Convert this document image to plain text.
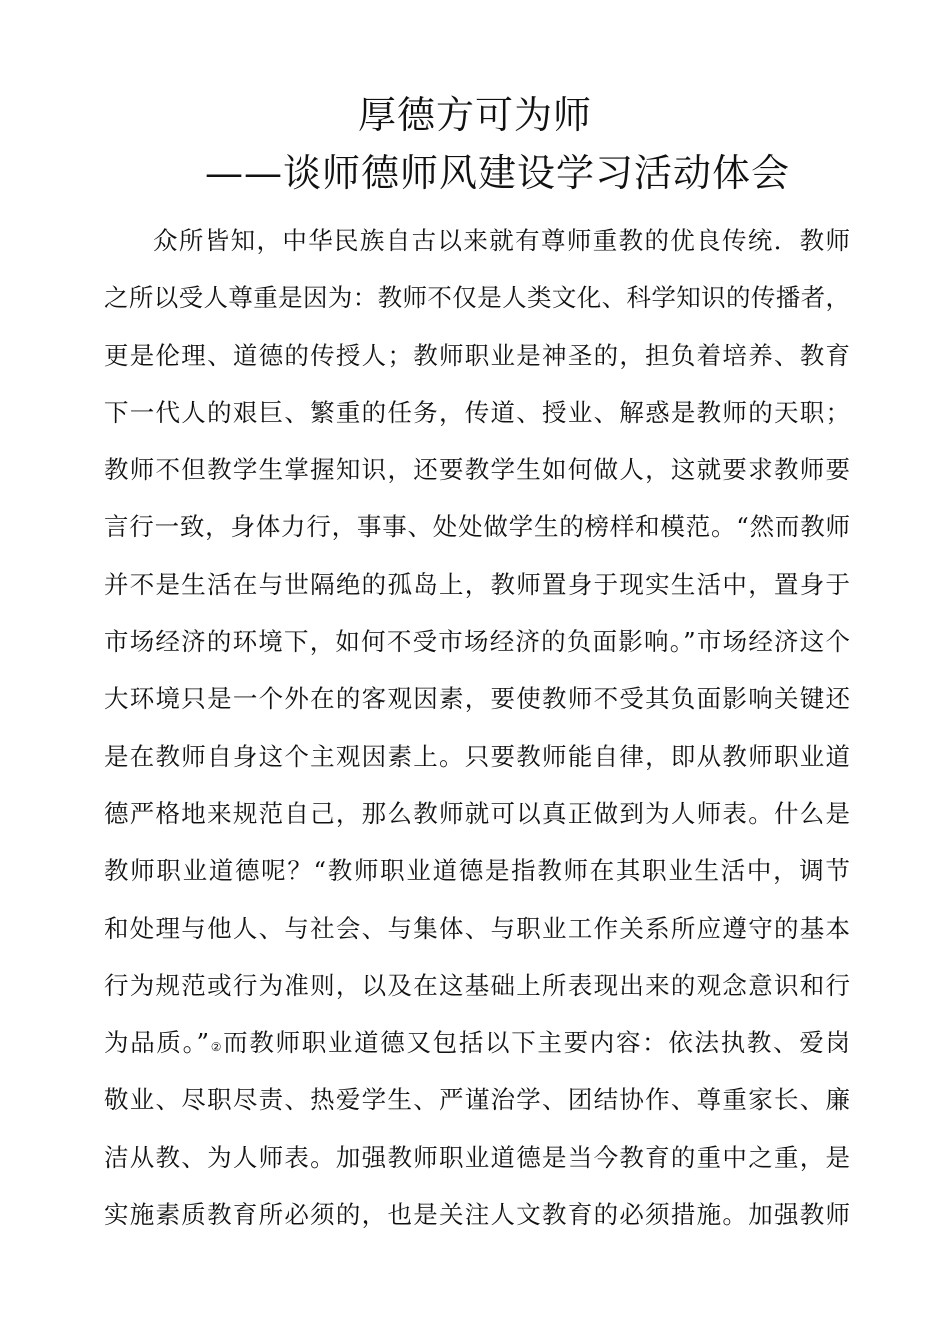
厚德方可为师
——谈师德师风建设学习活动体会
众所皆知，中华民族自古以来就有尊师重教的优良传统．教师
之所以受人尊重是因为：教师不仅是人类文化、科学知识的传播者，
更是伦理、道德的传授人；教师职业是神圣的，担负着培养、教育
下一代人的艰巨、繁重的任务，传道、授业、解惑是教师的天职；
教师不但教学生掌握知识，还要教学生如何做人，这就要求教师要
言行一致，身体力行，事事、处处做学生的榜样和模范。“然而教师
并不是生活在与世隔绝的孤岛上，教师置身于现实生活中，置身于
市场经济的环境下，如何不受市场经济的负面影响。”市场经济这个
大环境只是一个外在的客观因素，要使教师不受其负面影响关键还
是在教师自身这个主观因素上。只要教师能自律，即从教师职业道
德严格地来规范自己，那么教师就可以真正做到为人师表。什么是
教师职业道德呢？“教师职业道德是指教师在其职业生活中，调节
和处理与他人、与社会、与集体、与职业工作关系所应遵守的基本
行为规范或行为准则，以及在这基础上所表现出来的观念意识和行
为品质。”②而教师职业道德又包括以下主要内容：依法执教、爱岗
敬业、尽职尽责、热爱学生、严谨治学、团结协作、尊重家长、廉
洁从教、为人师表。加强教师职业道德是当今教育的重中之重，是
实施素质教育所必须的，也是关注人文教育的必须措施。加强教师
